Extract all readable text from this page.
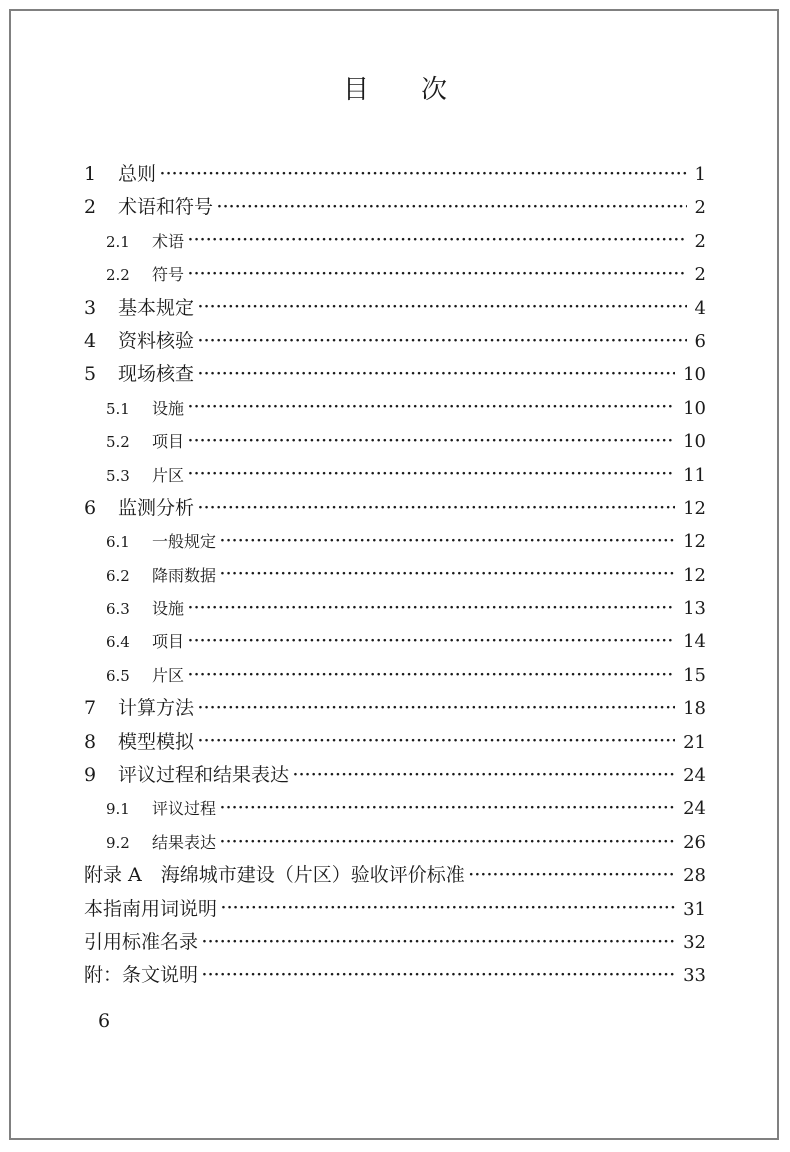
目　　次
1	总则 ·····	1
2	术语和符号 ·····	2
2.1	术语 ·····	2
2.2	符号 ·····	2
3	基本规定 ·····	4
4	资料核验 ·····	6
5	现场核查 ·····	10
5.1	设施 ·····	10
5.2	项目 ·····	10
5.3	片区 ·····	11
6	监测分析 ·····	12
6.1	一般规定 ·····	12
6.2	降雨数据 ·····	12
6.3	设施 ·····	13
6.4	项目 ·····	14
6.5	片区 ·····	15
7	计算方法 ·····	18
8	模型模拟 ·····	21
9	评议过程和结果表达 ·····	24
9.1	评议过程 ·····	24
9.2	结果表达 ·····	26
附录 A　海绵城市建设（片区）验收评价标准 ·····	28
本指南用词说明 ·····	31
引用标准名录 ·····	32
附：条文说明 ·····	33
6
